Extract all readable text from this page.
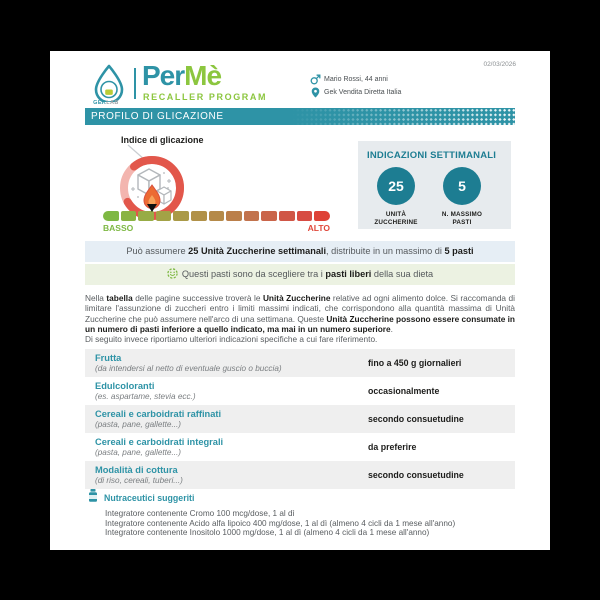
GEKLAB
PerMè
RECALLER PROGRAM
Mario Rossi, 44 anni
Gek Vendita Diretta Italia
02/03/2026
PROFILO DI GLICAZIONE
Indice di glicazione
BASSO	ALTO
INDICAZIONI SETTIMANALI
25
UNITÀ
ZUCCHERINE
5
N. MASSIMO
PASTI
Può assumere 25 Unità Zuccherine settimanali, distribuite in un massimo di 5 pasti
Questi pasti sono da scegliere tra i pasti liberi della sua dieta

Nella tabella delle pagine successive troverà le Unità Zuccherine relative ad ogni alimento dolce. Si raccomanda di limitare l'assunzione di zuccheri entro i limiti massimi indicati, che corrispondono alla quantità massima di Unità Zuccherine che può assumere nell'arco di una settimana. Queste Unità Zuccherine possono essere consumate in un numero di pasti inferiore a quello indicato, ma mai in un numero superiore.

Di seguito invece riportiamo ulteriori indicazioni specifiche a cui fare riferimento.

Frutta
(da intendersi al netto di eventuale guscio o buccia)	fino a 450 g giornalieri
Edulcoloranti
(es. aspartame, stevia ecc.)	occasionalmente
Cereali e carboidrati raffinati
(pasta, pane, gallette...)	secondo consuetudine
Cereali e carboidrati integrali
(pasta, pane, gallette...)	da preferire
Modalità di cottura
(di riso, cereali, tuberi...)	secondo consuetudine
Nutraceutici suggeriti
Integratore contenente Cromo 100 mcg/dose, 1 al dì
Integratore contenente Acido alfa lipoico 400 mg/dose, 1 al dì (almeno 4 cicli da 1 mese all'anno)
Integratore contenente Inositolo 1000 mg/dose, 1 al dì (almeno 4 cicli da 1 mese all'anno)
